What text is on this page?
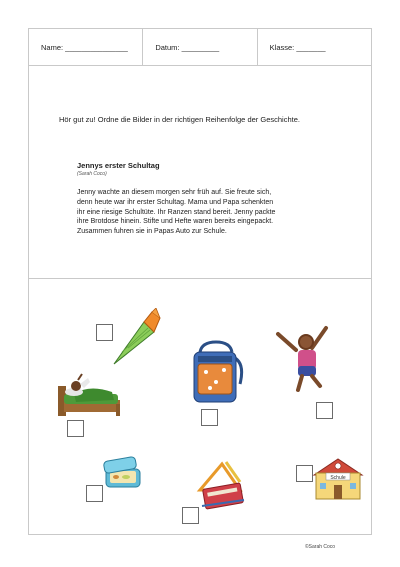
Name: _______________	Datum: _________	Klasse: _______
Hör gut zu! Ordne die Bilder in der richtigen Reihenfolge der Geschichte.
Jennys erster Schultag
(Sarah Coco)
Jenny wachte an diesem morgen sehr früh auf. Sie freute sich,
denn heute war ihr erster Schultag. Mama und Papa schenkten
ihr eine riesige Schultüte. Ihr Ranzen stand bereit. Jenny packte
ihre Brotdose hinein. Stifte und Hefte waren bereits eingepackt.
Zusammen fuhren sie in Papas Auto zur Schule.
Schule
©Sarah Coco
